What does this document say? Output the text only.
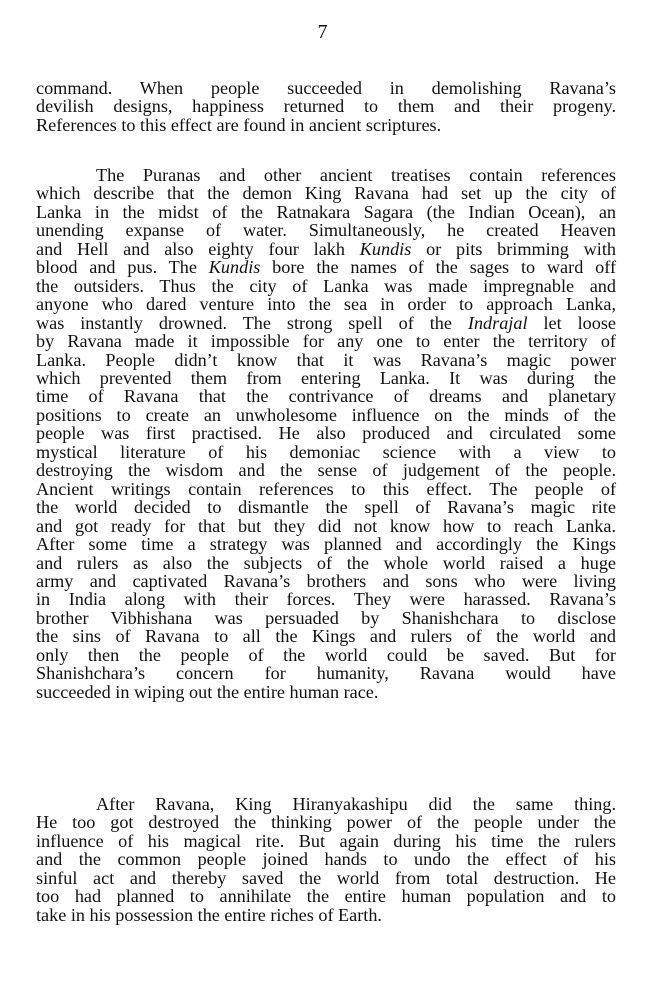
7

command. When people succeeded in demolishing Ravana’s
devilish designs, happiness returned to them and their progeny.
References to this effect are found in ancient scriptures.

The Puranas and other ancient treatises contain references
which describe that the demon King Ravana had set up the city of
Lanka in the midst of the Ratnakara Sagara (the Indian Ocean), an
unending expanse of water. Simultaneously, he created Heaven
and Hell and also eighty four lakh Kundis or pits brimming with
blood and pus. The Kundis bore the names of the sages to ward off
the outsiders. Thus the city of Lanka was made impregnable and
anyone who dared venture into the sea in order to approach Lanka,
was instantly drowned. The strong spell of the Indrajal let loose
by Ravana made it impossible for any one to enter the territory of
Lanka. People didn’t know that it was Ravana’s magic power
which prevented them from entering Lanka. It was during the
time of Ravana that the contrivance of dreams and planetary
positions to create an unwholesome influence on the minds of the
people was first practised. He also produced and circulated some
mystical literature of his demoniac science with a view to
destroying the wisdom and the sense of judgement of the people.
Ancient writings contain references to this effect. The people of
the world decided to dismantle the spell of Ravana’s magic rite
and got ready for that but they did not know how to reach Lanka.
After some time a strategy was planned and accordingly the Kings
and rulers as also the subjects of the whole world raised a huge
army and captivated Ravana’s brothers and sons who were living
in India along with their forces. They were harassed. Ravana’s
brother Vibhishana was persuaded by Shanishchara to disclose
the sins of Ravana to all the Kings and rulers of the world and
only then the people of the world could be saved. But for
Shanishchara’s concern for humanity, Ravana would have
succeeded in wiping out the entire human race.

After Ravana, King Hiranyakashipu did the same thing.
He too got destroyed the thinking power of the people under the
influence of his magical rite. But again during his time the rulers
and the common people joined hands to undo the effect of his
sinful act and thereby saved the world from total destruction. He
too had planned to annihilate the entire human population and to
take in his possession the entire riches of Earth.
